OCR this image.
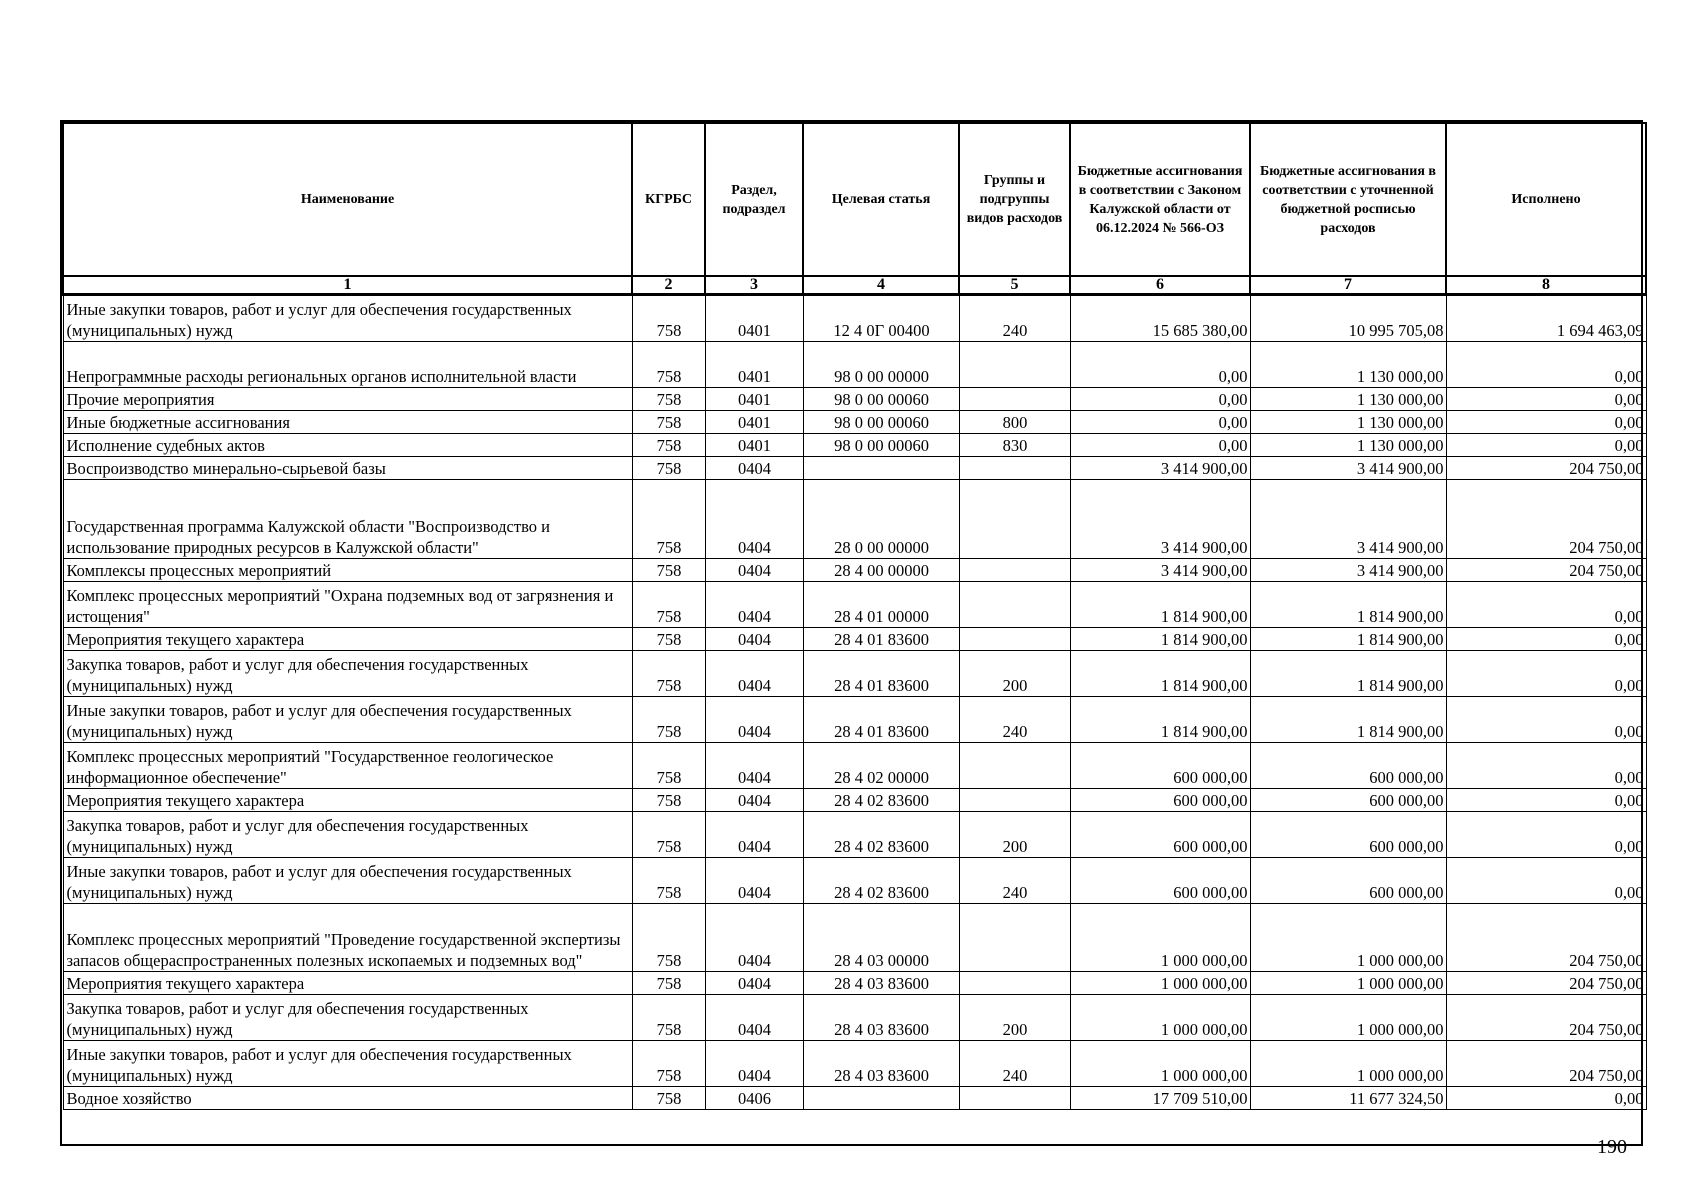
Наименование	КГРБС	Раздел, подраздел	Целевая статья	Группы и подгруппы видов расходов	Бюджетные ассигнования в соответствии с Законом Калужской области от 06.12.2024 № 566-ОЗ	Бюджетные ассигнования в соответствии с уточненной бюджетной росписью расходов	Исполнено
1	2	3	4	5	6	7	8
Иные закупки товаров, работ и услуг для обеспечения государственных (муниципальных) нужд	758	0401	12 4 0Г 00400	240	15 685 380,00	10 995 705,08	1 694 463,09
Непрограммные расходы региональных органов исполнительной власти	758	0401	98 0 00 00000		0,00	1 130 000,00	0,00
Прочие мероприятия	758	0401	98 0 00 00060		0,00	1 130 000,00	0,00
Иные бюджетные ассигнования	758	0401	98 0 00 00060	800	0,00	1 130 000,00	0,00
Исполнение судебных актов	758	0401	98 0 00 00060	830	0,00	1 130 000,00	0,00
Воспроизводство минерально-сырьевой базы	758	0404			3 414 900,00	3 414 900,00	204 750,00
Государственная программа Калужской области "Воспроизводство и использование природных ресурсов в Калужской области"	758	0404	28 0 00 00000		3 414 900,00	3 414 900,00	204 750,00
Комплексы процессных мероприятий	758	0404	28 4 00 00000		3 414 900,00	3 414 900,00	204 750,00
Комплекс процессных мероприятий "Охрана подземных вод от загрязнения и истощения"	758	0404	28 4 01 00000		1 814 900,00	1 814 900,00	0,00
Мероприятия текущего характера	758	0404	28 4 01 83600		1 814 900,00	1 814 900,00	0,00
Закупка товаров, работ и услуг для обеспечения государственных (муниципальных) нужд	758	0404	28 4 01 83600	200	1 814 900,00	1 814 900,00	0,00
Иные закупки товаров, работ и услуг для обеспечения государственных (муниципальных) нужд	758	0404	28 4 01 83600	240	1 814 900,00	1 814 900,00	0,00
Комплекс процессных мероприятий "Государственное геологическое информационное обеспечение"	758	0404	28 4 02 00000		600 000,00	600 000,00	0,00
Мероприятия текущего характера	758	0404	28 4 02 83600		600 000,00	600 000,00	0,00
Закупка товаров, работ и услуг для обеспечения государственных (муниципальных) нужд	758	0404	28 4 02 83600	200	600 000,00	600 000,00	0,00
Иные закупки товаров, работ и услуг для обеспечения государственных (муниципальных) нужд	758	0404	28 4 02 83600	240	600 000,00	600 000,00	0,00
Комплекс процессных мероприятий "Проведение государственной экспертизы запасов общераспространенных полезных ископаемых и подземных вод"	758	0404	28 4 03 00000		1 000 000,00	1 000 000,00	204 750,00
Мероприятия текущего характера	758	0404	28 4 03 83600		1 000 000,00	1 000 000,00	204 750,00
Закупка товаров, работ и услуг для обеспечения государственных (муниципальных) нужд	758	0404	28 4 03 83600	200	1 000 000,00	1 000 000,00	204 750,00
Иные закупки товаров, работ и услуг для обеспечения государственных (муниципальных) нужд	758	0404	28 4 03 83600	240	1 000 000,00	1 000 000,00	204 750,00
Водное хозяйство	758	0406			17 709 510,00	11 677 324,50	0,00
190
